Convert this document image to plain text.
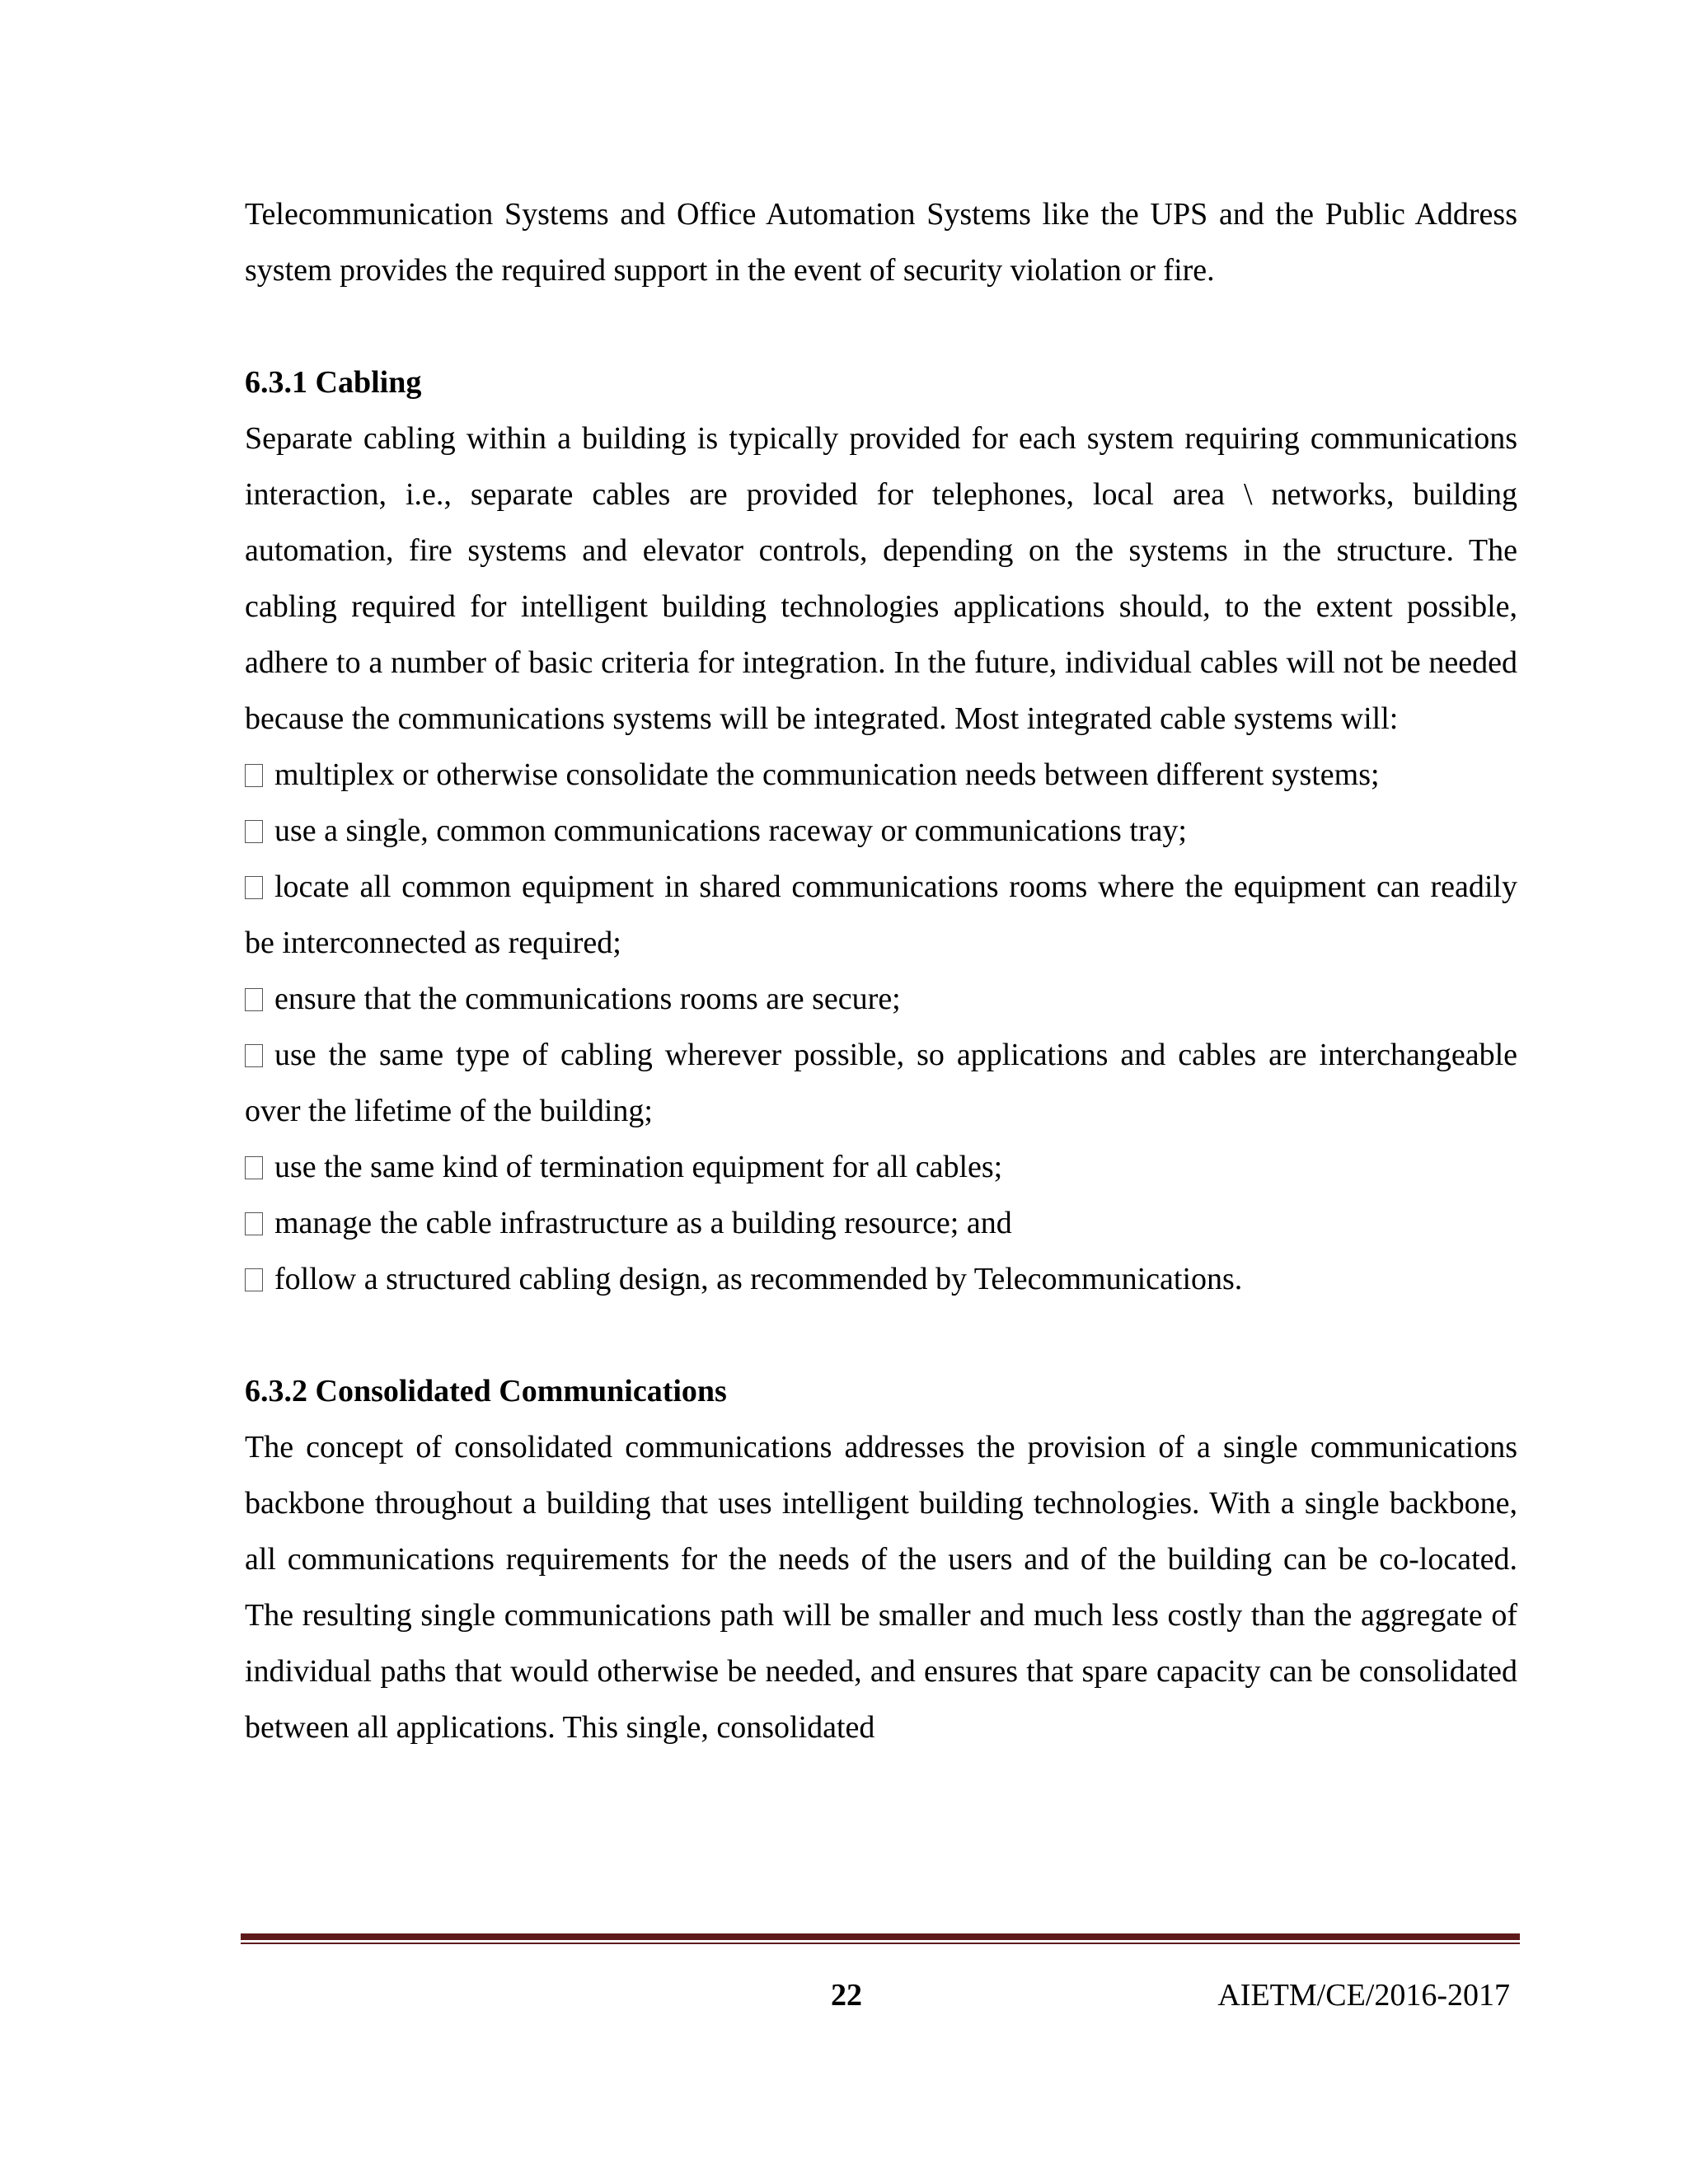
Telecommunication Systems and Office Automation Systems like the UPS and the Public Address system provides the required support in the event of security violation or fire.

6.3.1 Cabling

Separate cabling within a building is typically provided for each system requiring communications interaction, i.e., separate cables are provided for telephones, local area \ networks, building automation, fire systems and elevator controls, depending on the systems in the structure. The cabling required for intelligent building technologies applications should, to the extent possible, adhere to a number of basic criteria for integration. In the future, individual cables will not be needed because the communications systems will be integrated. Most integrated cable systems will:

multiplex or otherwise consolidate the communication needs between different systems;

use a single, common communications raceway or communications tray;

locate all common equipment in shared communications rooms where the equipment can readily be interconnected as required;

ensure that the communications rooms are secure;

use the same type of cabling wherever possible, so applications and cables are interchangeable over the lifetime of the building;

use the same kind of termination equipment for all cables;

manage the cable infrastructure as a building resource; and

follow a structured cabling design, as recommended by Telecommunications.

6.3.2 Consolidated Communications

The concept of consolidated communications addresses the provision of a single communications backbone throughout a building that uses intelligent building technologies. With a single backbone, all communications requirements for the needs of the users and of the building can be co-located. The resulting single communications path will be smaller and much less costly than the aggregate of individual paths that would otherwise be needed, and ensures that spare capacity can be consolidated between all applications. This single, consolidated

22	AIETM/CE/2016-2017
